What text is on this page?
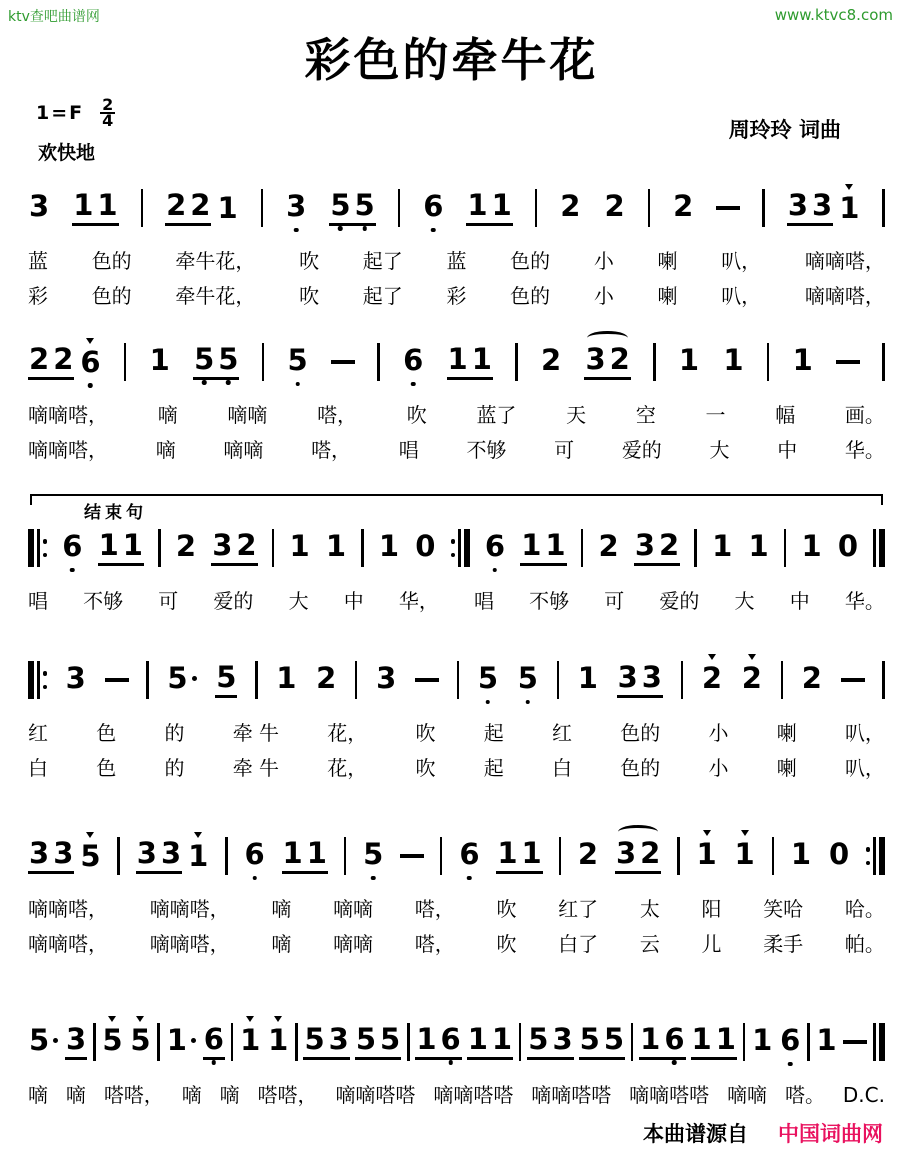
ktv查吧曲谱网	www.ktvc8.com
彩色的牵牛花
1=F 2
4	周玲玲 词曲
欢快地
3 1 1 2 2 1 3 5 5 6 1 1 2 2 2	3 3 1
蓝 色的 牵牛花， 吹 起了 蓝 色的 小 喇 叭， 嘀嘀嗒，
彩 色的 牵牛花， 吹 起了 彩 色的 小 喇 叭， 嘀嘀嗒，
2 2 6 1 5 5 5	6 1 1 2 3 2 1 1 1
嘀嘀嗒， 嘀 嘀嘀 嗒， 吹 蓝了 天 空 一 幅 画。
嘀嘀嗒， 嘀 嘀嘀 嗒， 唱 不够 可 爱的 大 中 华。
结束句
6 1 1 2 3 2 1 1 1 0 6 1 1 2 3 2 1 1 1 0
唱 不够 可 爱的 大 中 华， 唱 不够 可 爱的 大 中 华。
3	5 5 1 2 3	5 5 1 3 3 2 2 2
红 色 的 牵 牛 花， 吹 起 红 色的 小 喇 叭，
白 色 的 牵 牛 花， 吹 起 白 色的 小 喇 叭，
3 3 5 3 3 1 6 1 1 5	6 1 1 2 3 2 1 1 1 0
嘀嘀嗒， 嘀嘀嗒， 嘀 嘀嘀 嗒， 吹 红了 太 阳 笑哈 哈。
嘀嘀嗒， 嘀嘀嗒， 嘀 嘀嘀 嗒， 吹 白了 云 儿 柔手 帕。
5 3 5 5 1 6 1 1 5 3 5 5 1 6 1 1 5 3 5 5 1 6 1 1 1 6 1
嘀 嘀 嗒嗒， 嘀 嘀 嗒嗒， 嘀嘀嗒嗒 嘀嘀嗒嗒 嘀嘀嗒嗒 嘀嘀嗒嗒 嘀嘀 嗒。 D.C.
本曲谱源自 中国词曲网
